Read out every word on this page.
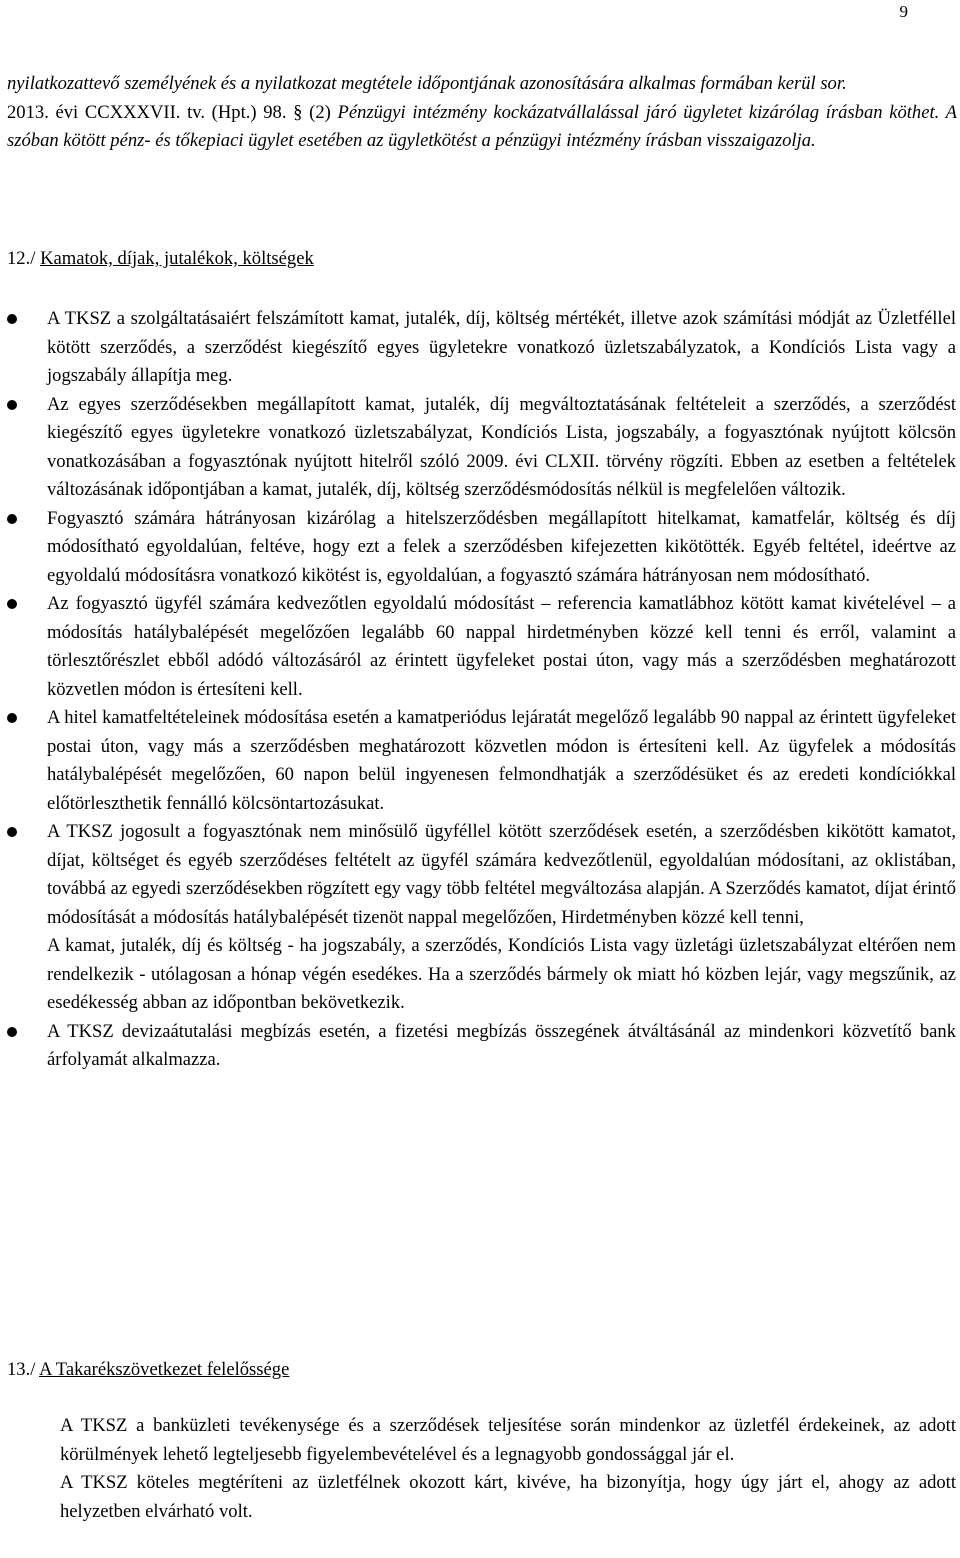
9

nyilatkozattevő személyének és a nyilatkozat megtétele időpontjának azonosítására alkalmas formában kerül sor.

2013. évi CCXXXVII. tv. (Hpt.) 98. § (2) Pénzügyi intézmény kockázatvállalással járó ügyletet kizárólag írásban köthet. A szóban kötött pénz- és tőkepiaci ügylet esetében az ügyletkötést a pénzügyi intézmény írásban visszaigazolja.

12./ Kamatok, díjak, jutalékok, költségek

A TKSZ a szolgáltatásaiért felszámított kamat, jutalék, díj, költség mértékét, illetve azok számítási módját az Üzletféllel kötött szerződés, a szerződést kiegészítő egyes ügyletekre vonatkozó üzletszabályzatok, a Kondíciós Lista vagy a jogszabály állapítja meg.

Az egyes szerződésekben megállapított kamat, jutalék, díj megváltoztatásának feltételeit a szerződés, a szerződést kiegészítő egyes ügyletekre vonatkozó üzletszabályzat, Kondíciós Lista, jogszabály, a fogyasztónak nyújtott kölcsön vonatkozásában a fogyasztónak nyújtott hitelről szóló 2009. évi CLXII. törvény rögzíti. Ebben az esetben a feltételek változásának időpontjában a kamat, jutalék, díj, költség szerződésmódosítás nélkül is megfelelően változik.

Fogyasztó számára hátrányosan kizárólag a hitelszerződésben megállapított hitelkamat, kamatfelár, költség és díj módosítható egyoldalúan, feltéve, hogy ezt a felek a szerződésben kifejezetten kikötötték. Egyéb feltétel, ideértve az egyoldalú módosításra vonatkozó kikötést is, egyoldalúan, a fogyasztó számára hátrányosan nem módosítható.

Az fogyasztó ügyfél számára kedvezőtlen egyoldalú módosítást – referencia kamatlábhoz kötött kamat kivételével – a módosítás hatálybalépését megelőzően legalább 60 nappal hirdetményben közzé kell tenni és erről, valamint a törlesztőrészlet ebből adódó változásáról az érintett ügyfeleket postai úton, vagy más a szerződésben meghatározott közvetlen módon is értesíteni kell.

A hitel kamatfeltételeinek módosítása esetén a kamatperiódus lejáratát megelőző legalább 90 nappal az érintett ügyfeleket postai úton, vagy más a szerződésben meghatározott közvetlen módon is értesíteni kell. Az ügyfelek a módosítás hatálybalépését megelőzően, 60 napon belül ingyenesen felmondhatják a szerződésüket és az eredeti kondíciókkal előtörleszthetik fennálló kölcsöntartozásukat.

A TKSZ jogosult a fogyasztónak nem minősülő ügyféllel kötött szerződések esetén, a szerződésben kikötött kamatot, díjat, költséget és egyéb szerződéses feltételt az ügyfél számára kedvezőtlenül, egyoldalúan módosítani, az oklistában, továbbá az egyedi szerződésekben rögzített egy vagy több feltétel megváltozása alapján. A Szerződés kamatot, díjat érintő módosítását a módosítás hatálybalépését tizenöt nappal megelőzően, Hirdetményben közzé kell tenni,

A kamat, jutalék, díj és költség - ha jogszabály, a szerződés, Kondíciós Lista vagy üzletági üzletszabályzat eltérően nem rendelkezik - utólagosan a hónap végén esedékes. Ha a szerződés bármely ok miatt hó közben lejár, vagy megszűnik, az esedékesség abban az időpontban bekövetkezik.

A TKSZ devizaátutalási megbízás esetén, a fizetési megbízás összegének átváltásánál az mindenkori közvetítő bank árfolyamát alkalmazza.

13./ A Takarékszövetkezet felelőssége

A TKSZ a banküzleti tevékenysége és a szerződések teljesítése során mindenkor az üzletfél érdekeinek, az adott körülmények lehető legteljesebb figyelembevételével és a legnagyobb gondossággal jár el.

A TKSZ köteles megtéríteni az üzletfélnek okozott kárt, kivéve, ha bizonyítja, hogy úgy járt el, ahogy az adott helyzetben elvárható volt.
